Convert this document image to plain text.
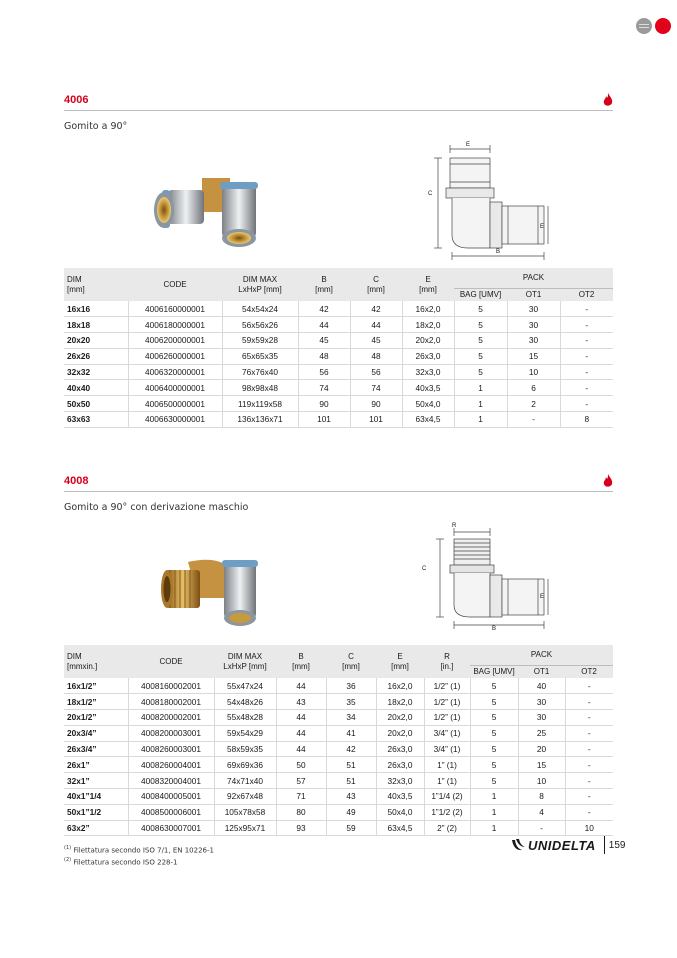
4006
Gomito a 90°
E
C
E
B
DIM
[mm]	CODE	DIM MAX
LxHxP [mm]	B
[mm]	C
[mm]	E
[mm]	PACK		
						BAG [UMV]	OT1	OT2
16x16	4006160000001	54x54x24	42	42	16x2,0	5	30	-
18x18	4006180000001	56x56x26	44	44	18x2,0	5	30	-
20x20	4006200000001	59x59x28	45	45	20x2,0	5	30	-
26x26	4006260000001	65x65x35	48	48	26x3,0	5	15	-
32x32	4006320000001	76x76x40	56	56	32x3,0	5	10	-
40x40	4006400000001	98x98x48	74	74	40x3,5	1	6	-
50x50	4006500000001	119x119x58	90	90	50x4,0	1	2	-
63x63	4006630000001	136x136x71	101	101	63x4,5	1	-	8
4008
Gomito a 90° con derivazione maschio
R
C
E
B
DIM
[mmxin.]	CODE	DIM MAX
LxHxP [mm]	B
[mm]	C
[mm]	E
[mm]	R
[in.]	PACK		
							BAG [UMV]	OT1	OT2
16x1/2”	4008160002001	55x47x24	44	36	16x2,0	1/2” (1)	5	40	-
18x1/2”	4008180002001	54x48x26	43	35	18x2,0	1/2” (1)	5	30	-
20x1/2”	4008200002001	55x48x28	44	34	20x2,0	1/2” (1)	5	30	-
20x3/4”	4008200003001	59x54x29	44	41	20x2,0	3/4” (1)	5	25	-
26x3/4”	4008260003001	58x59x35	44	42	26x3,0	3/4” (1)	5	20	-
26x1”	4008260004001	69x69x36	50	51	26x3,0	1” (1)	5	15	-
32x1”	4008320004001	74x71x40	57	51	32x3,0	1” (1)	5	10	-
40x1”1/4	4008400005001	92x67x48	71	43	40x3,5	1”1/4 (2)	1	8	-
50x1”1/2	4008500006001	105x78x58	80	49	50x4,0	1”1/2 (2)	1	4	-
63x2”	4008630007001	125x95x71	93	59	63x4,5	2” (2)	1	-	10
$^{(1)}$ Filettatura secondo ISO 7/1, EN 10226-1
$^{(2)}$ Filettatura secondo ISO 228-1
UNIDELTA 159
